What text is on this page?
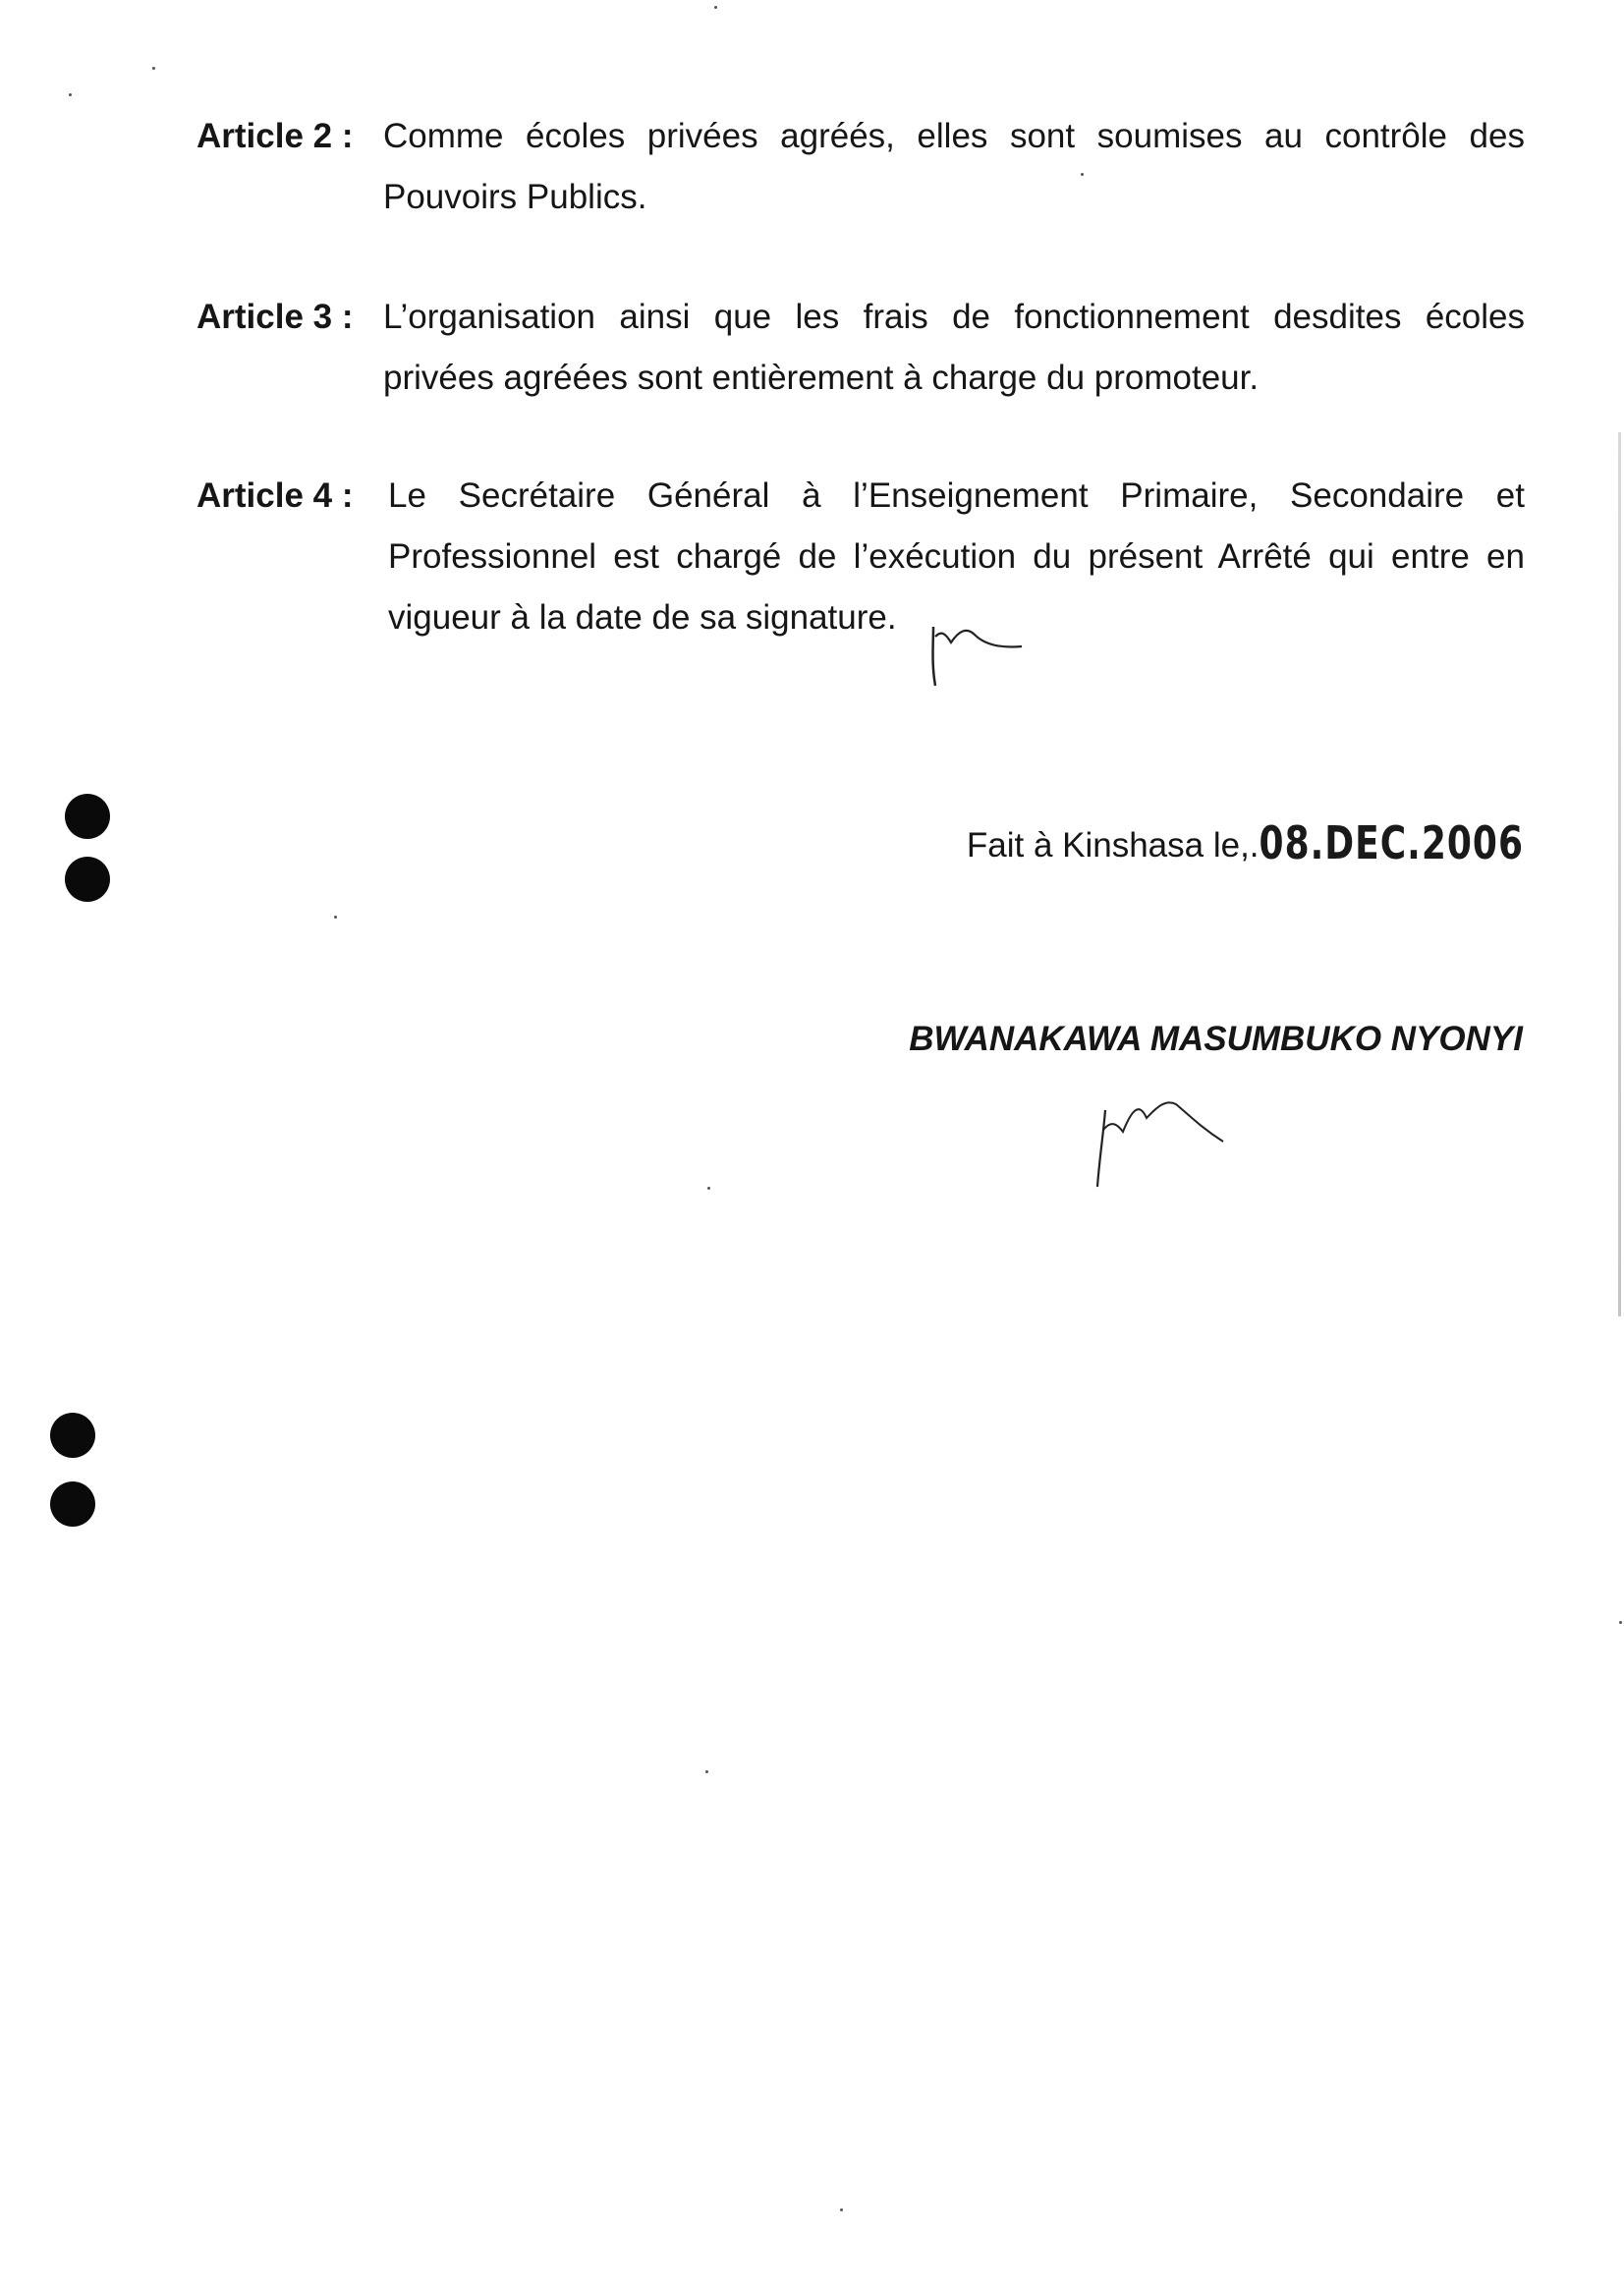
Article 2 : Comme écoles privées agréés, elles sont soumises au contrôle des Pouvoirs Publics.
Article 3 : L’organisation ainsi que les frais de fonctionnement desdites écoles privées agréées sont entièrement à charge du promoteur.
Article 4 : Le Secrétaire Général à l’Enseignement Primaire, Secondaire et Professionnel est chargé de l’exécution du présent Arrêté qui entre en vigueur à la date de sa signature.
Fait à Kinshasa le,.08.DEC.2006
BWANAKAWA MASUMBUKO NYONYI
